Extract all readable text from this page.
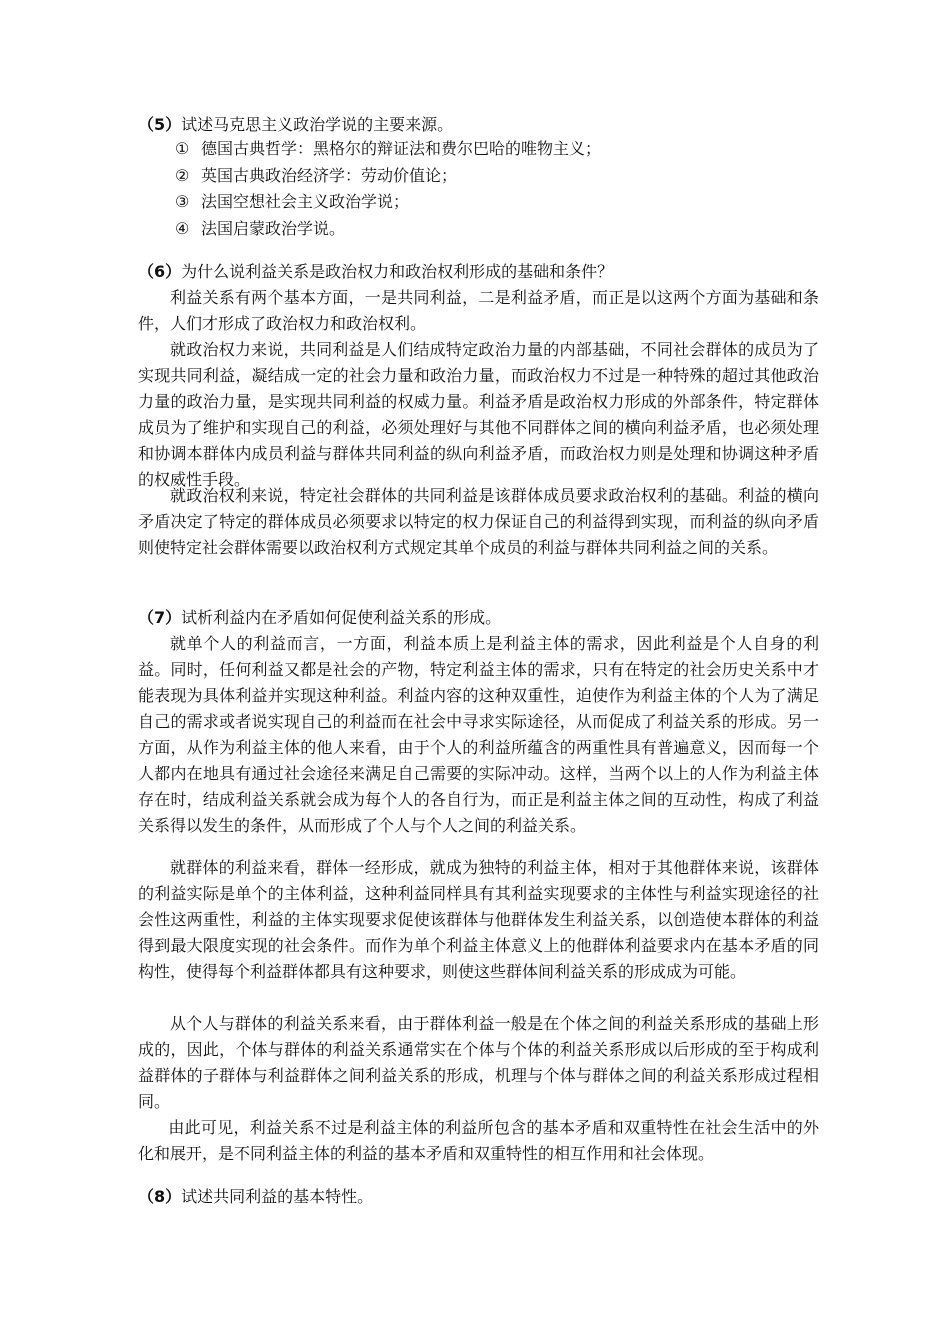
（5）试述马克思主义政治学说的主要来源。
① 德国古典哲学：黑格尔的辩证法和费尔巴哈的唯物主义；
② 英国古典政治经济学：劳动价值论；
③ 法国空想社会主义政治学说；
④ 法国启蒙政治学说。
（6）为什么说利益关系是政治权力和政治权利形成的基础和条件？

利益关系有两个基本方面，一是共同利益，二是利益矛盾，而正是以这两个方面为基础和条件，人们才形成了政治权力和政治权利。

就政治权力来说，共同利益是人们结成特定政治力量的内部基础，不同社会群体的成员为了实现共同利益，凝结成一定的社会力量和政治力量，而政治权力不过是一种特殊的超过其他政治力量的政治力量，是实现共同利益的权威力量。利益矛盾是政治权力形成的外部条件，特定群体成员为了维护和实现自己的利益，必须处理好与其他不同群体之间的横向利益矛盾，也必须处理和协调本群体内成员利益与群体共同利益的纵向利益矛盾，而政治权力则是处理和协调这种矛盾的权威性手段。

就政治权利来说，特定社会群体的共同利益是该群体成员要求政治权利的基础。利益的横向矛盾决定了特定的群体成员必须要求以特定的权力保证自己的利益得到实现，而利益的纵向矛盾则使特定社会群体需要以政治权利方式规定其单个成员的利益与群体共同利益之间的关系。

（7）试析利益内在矛盾如何促使利益关系的形成。

就单个人的利益而言，一方面，利益本质上是利益主体的需求，因此利益是个人自身的利益。同时，任何利益又都是社会的产物，特定利益主体的需求，只有在特定的社会历史关系中才能表现为具体利益并实现这种利益。利益内容的这种双重性，迫使作为利益主体的个人为了满足自己的需求或者说实现自己的利益而在社会中寻求实际途径，从而促成了利益关系的形成。另一方面，从作为利益主体的他人来看，由于个人的利益所蕴含的两重性具有普遍意义，因而每一个人都内在地具有通过社会途径来满足自己需要的实际冲动。这样，当两个以上的人作为利益主体存在时，结成利益关系就会成为每个人的各自行为，而正是利益主体之间的互动性，构成了利益关系得以发生的条件，从而形成了个人与个人之间的利益关系。

就群体的利益来看，群体一经形成，就成为独特的利益主体，相对于其他群体来说，该群体的利益实际是单个的主体利益，这种利益同样具有其利益实现要求的主体性与利益实现途径的社会性这两重性，利益的主体实现要求促使该群体与他群体发生利益关系，以创造使本群体的利益得到最大限度实现的社会条件。而作为单个利益主体意义上的他群体利益要求内在基本矛盾的同构性，使得每个利益群体都具有这种要求，则使这些群体间利益关系的形成成为可能。

从个人与群体的利益关系来看，由于群体利益一般是在个体之间的利益关系形成的基础上形成的，因此，个体与群体的利益关系通常实在个体与个体的利益关系形成以后形成的至于构成利益群体的子群体与利益群体之间利益关系的形成，机理与个体与群体之间的利益关系形成过程相同。

由此可见，利益关系不过是利益主体的利益所包含的基本矛盾和双重特性在社会生活中的外化和展开，是不同利益主体的利益的基本矛盾和双重特性的相互作用和社会体现。

（8）试述共同利益的基本特性。
